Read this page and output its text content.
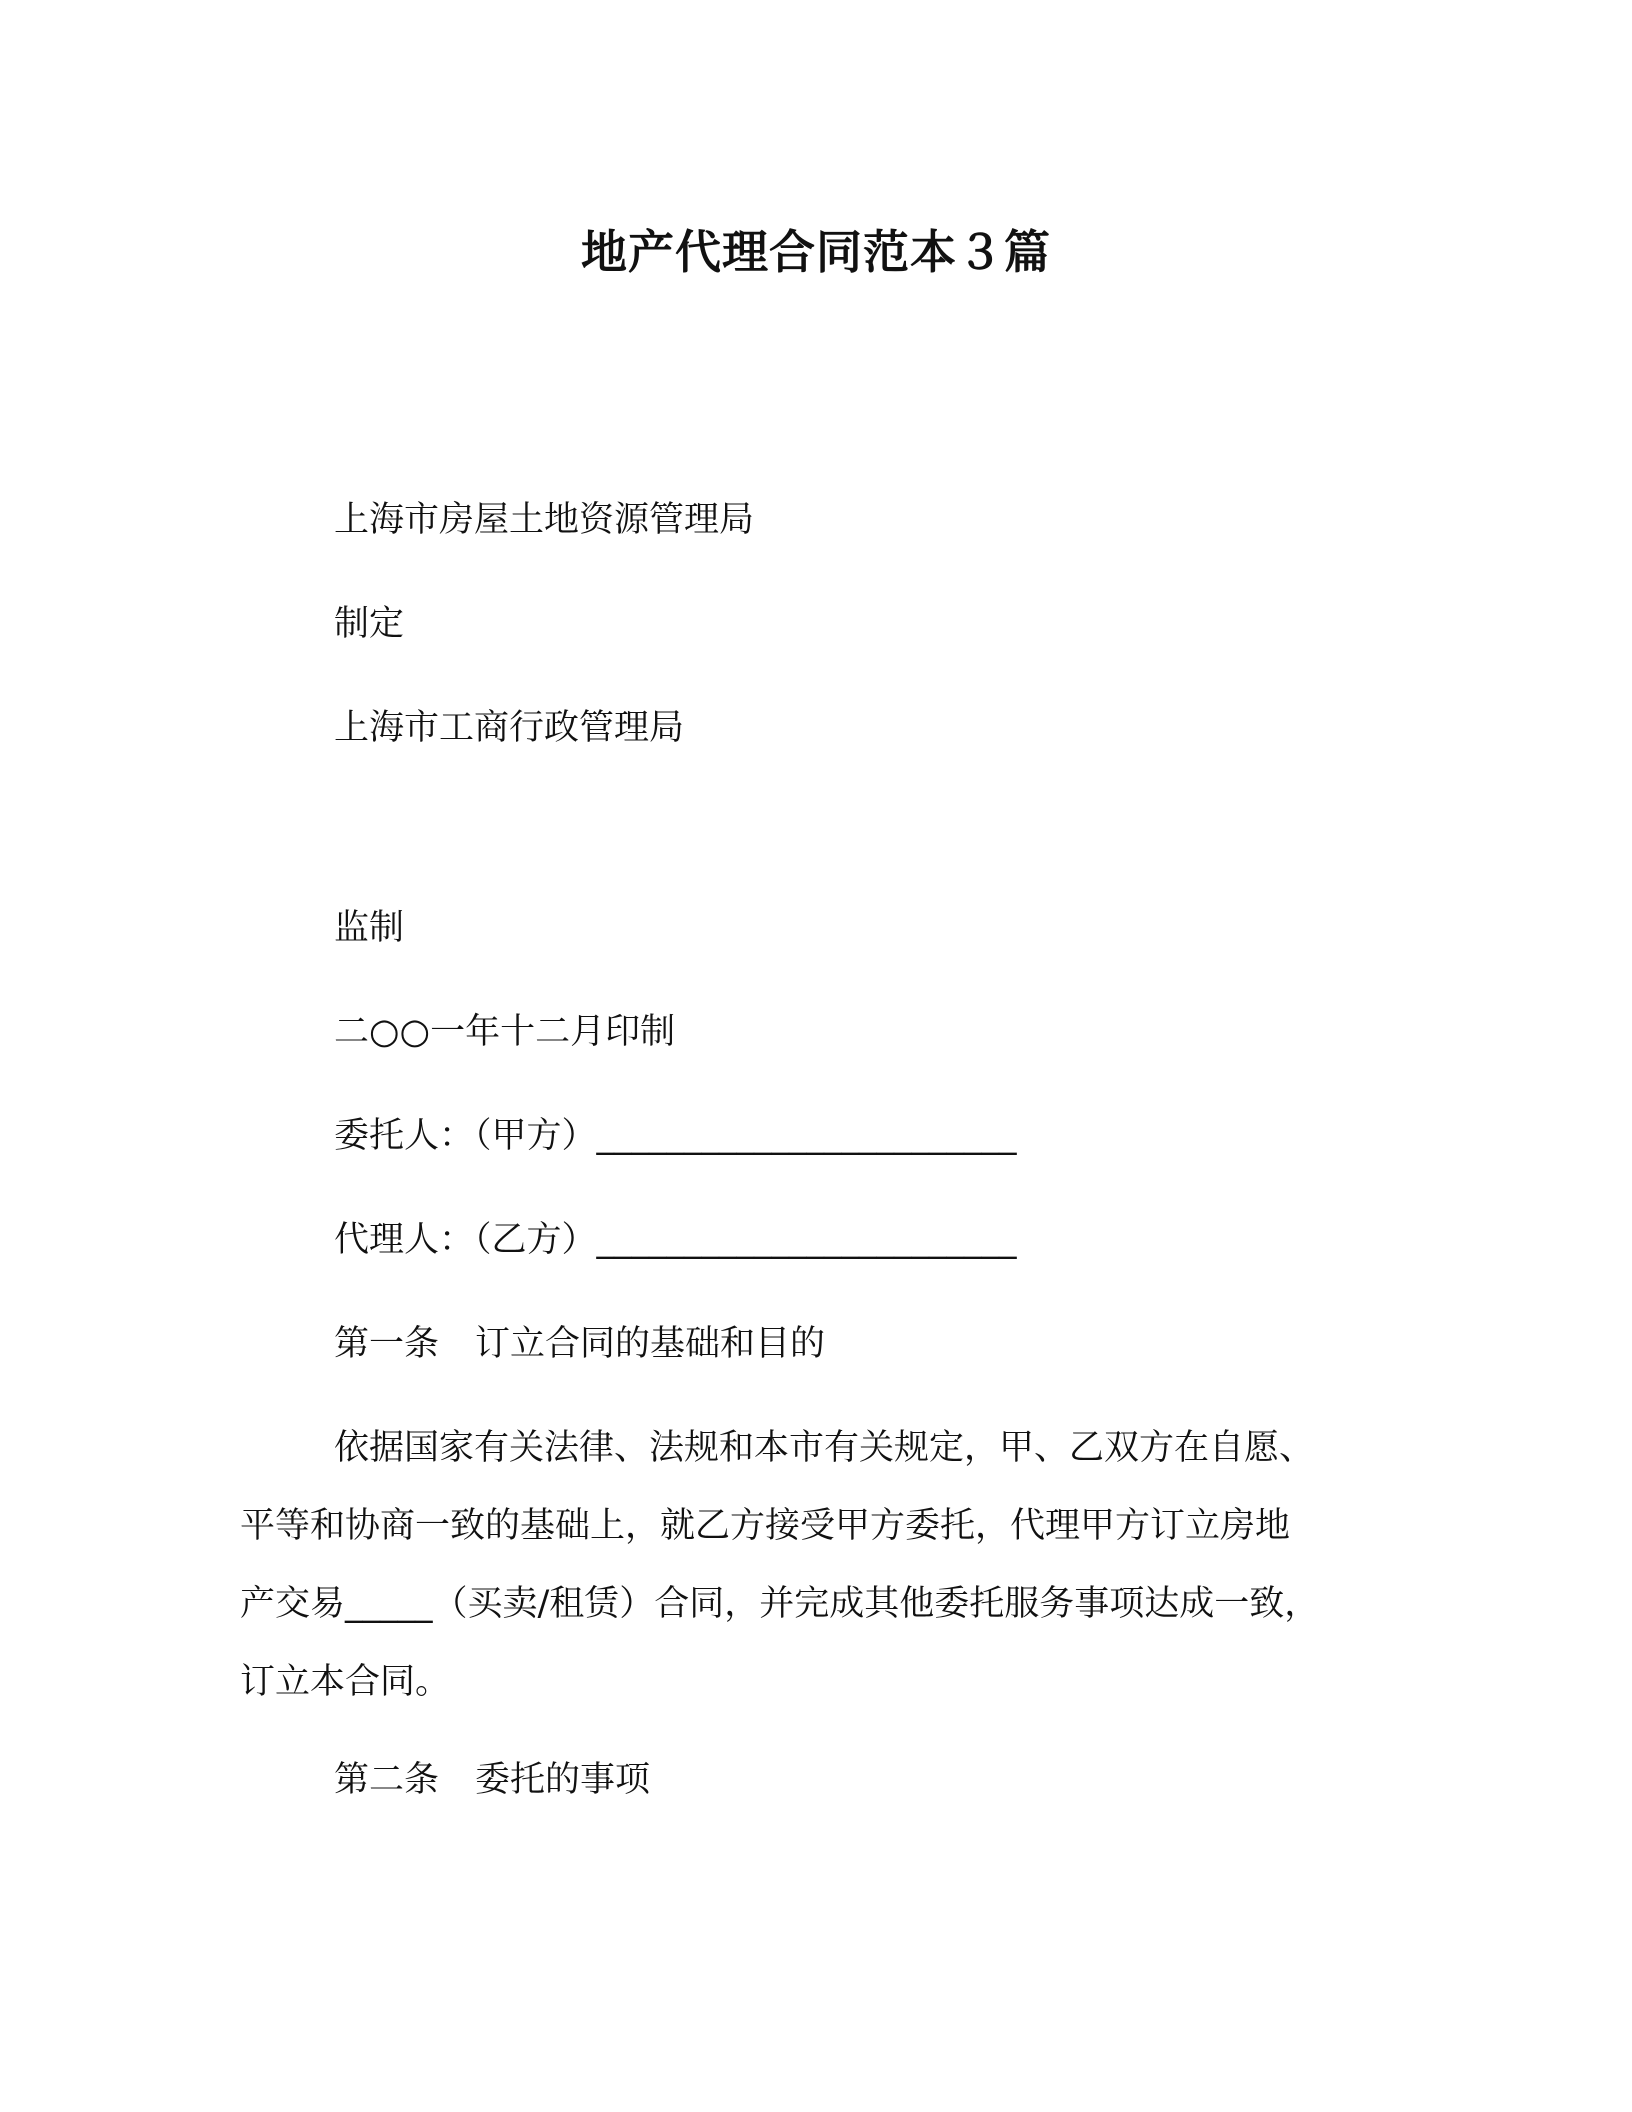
地产代理合同范本３篇
上海市房屋土地资源管理局
制定
上海市工商行政管理局
监制
二○○一年十二月印制
委托人：（甲方）________________________
代理人：（乙方）________________________
第一条 订立合同的基础和目的
依据国家有关法律、法规和本市有关规定，甲、乙双方在自愿、
平等和协商一致的基础上，就乙方接受甲方委托，代理甲方订立房地
产交易_____（买卖/租赁）合同，并完成其他委托服务事项达成一致，
订立本合同。
第二条 委托的事项
